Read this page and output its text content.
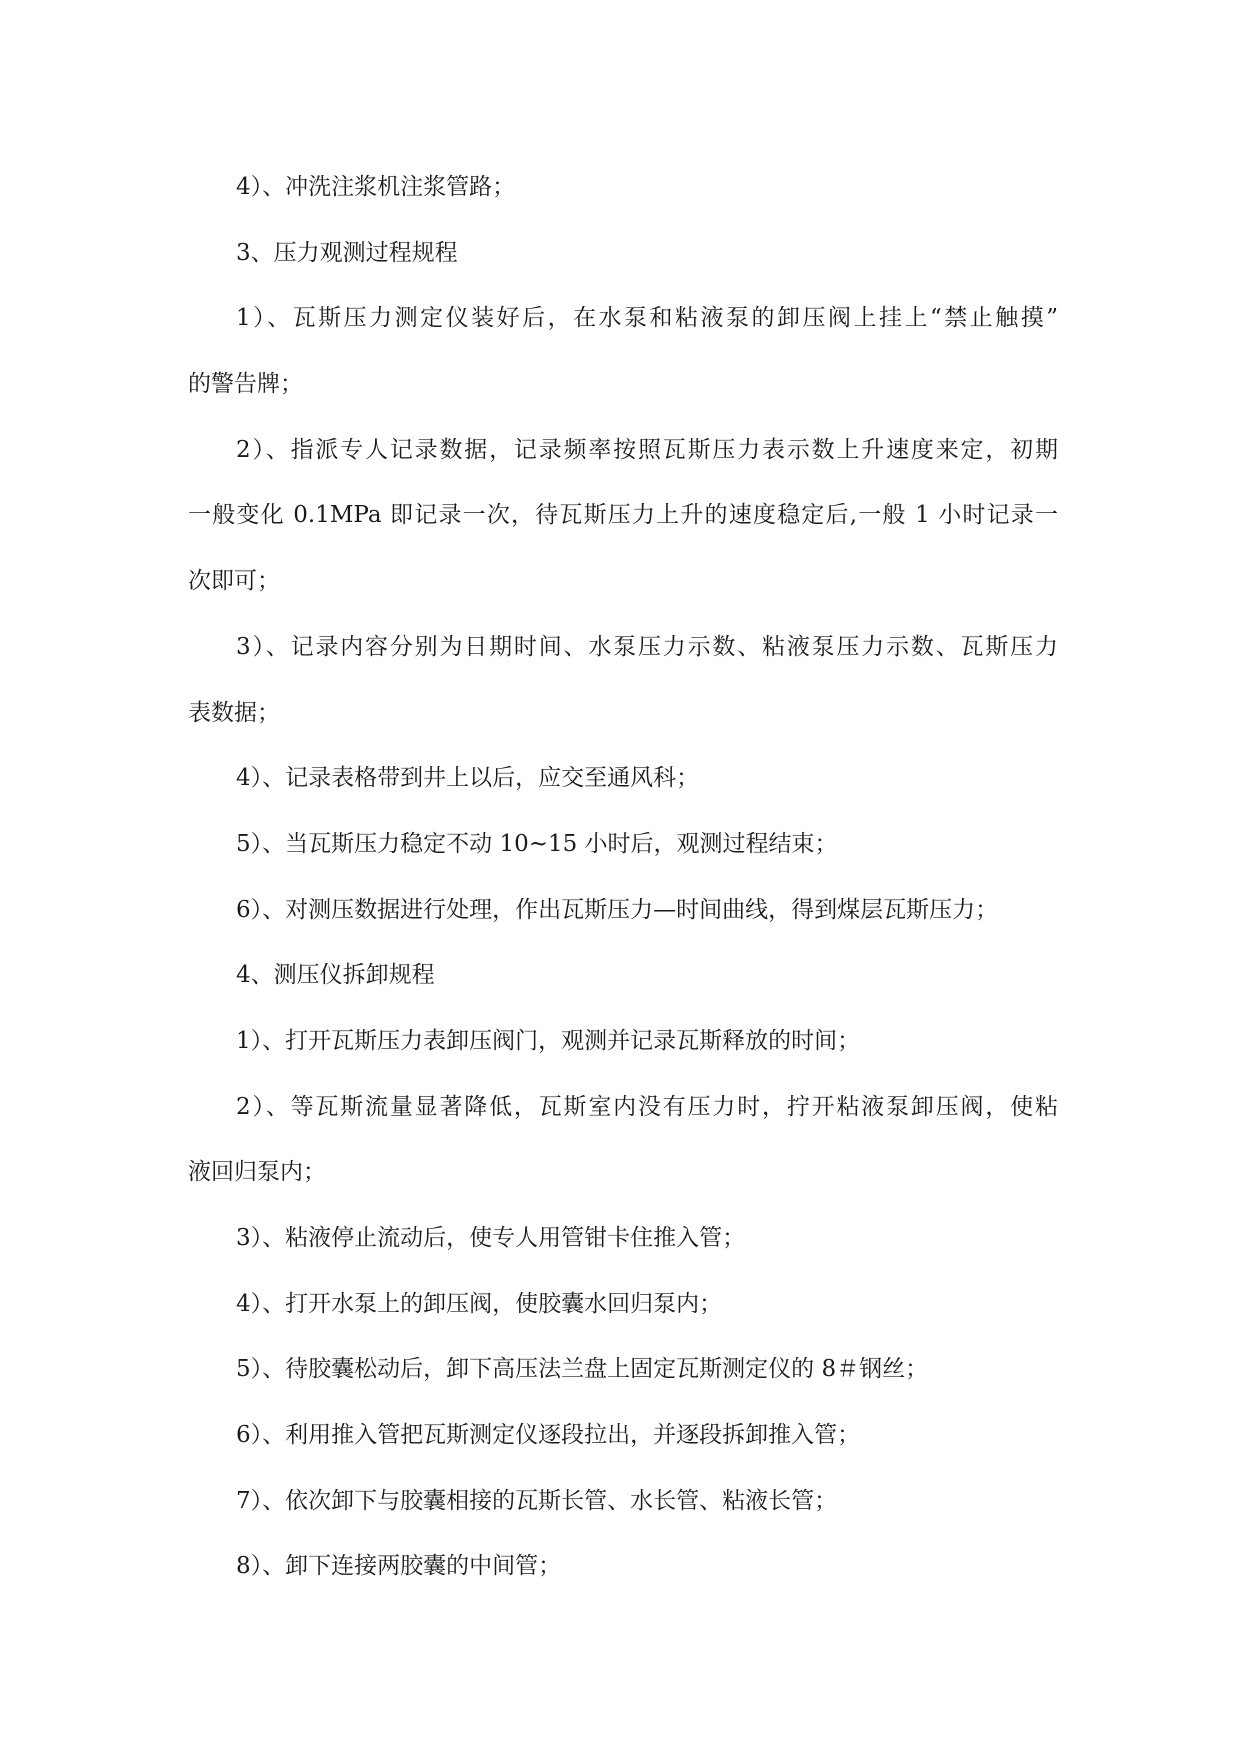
4）、冲洗注浆机注浆管路；
3、压力观测过程规程
1）、瓦斯压力测定仪装好后，在水泵和粘液泵的卸压阀上挂上“禁止触摸”
的警告牌；
2）、指派专人记录数据，记录频率按照瓦斯压力表示数上升速度来定，初期
一般变化 0.1MPa 即记录一次，待瓦斯压力上升的速度稳定后,一般 1 小时记录一
次即可；
3）、记录内容分别为日期时间、水泵压力示数、粘液泵压力示数、瓦斯压力
表数据；
4）、记录表格带到井上以后，应交至通风科；
5）、当瓦斯压力稳定不动 10~15 小时后，观测过程结束；
6）、对测压数据进行处理，作出瓦斯压力—时间曲线，得到煤层瓦斯压力；
4、测压仪拆卸规程
1）、打开瓦斯压力表卸压阀门，观测并记录瓦斯释放的时间；
2）、等瓦斯流量显著降低，瓦斯室内没有压力时，拧开粘液泵卸压阀，使粘
液回归泵内；
3）、粘液停止流动后，使专人用管钳卡住推入管；
4）、打开水泵上的卸压阀，使胶囊水回归泵内；
5）、待胶囊松动后，卸下高压法兰盘上固定瓦斯测定仪的 8＃钢丝；
6）、利用推入管把瓦斯测定仪逐段拉出，并逐段拆卸推入管；
7）、依次卸下与胶囊相接的瓦斯长管、水长管、粘液长管；
8）、卸下连接两胶囊的中间管；
